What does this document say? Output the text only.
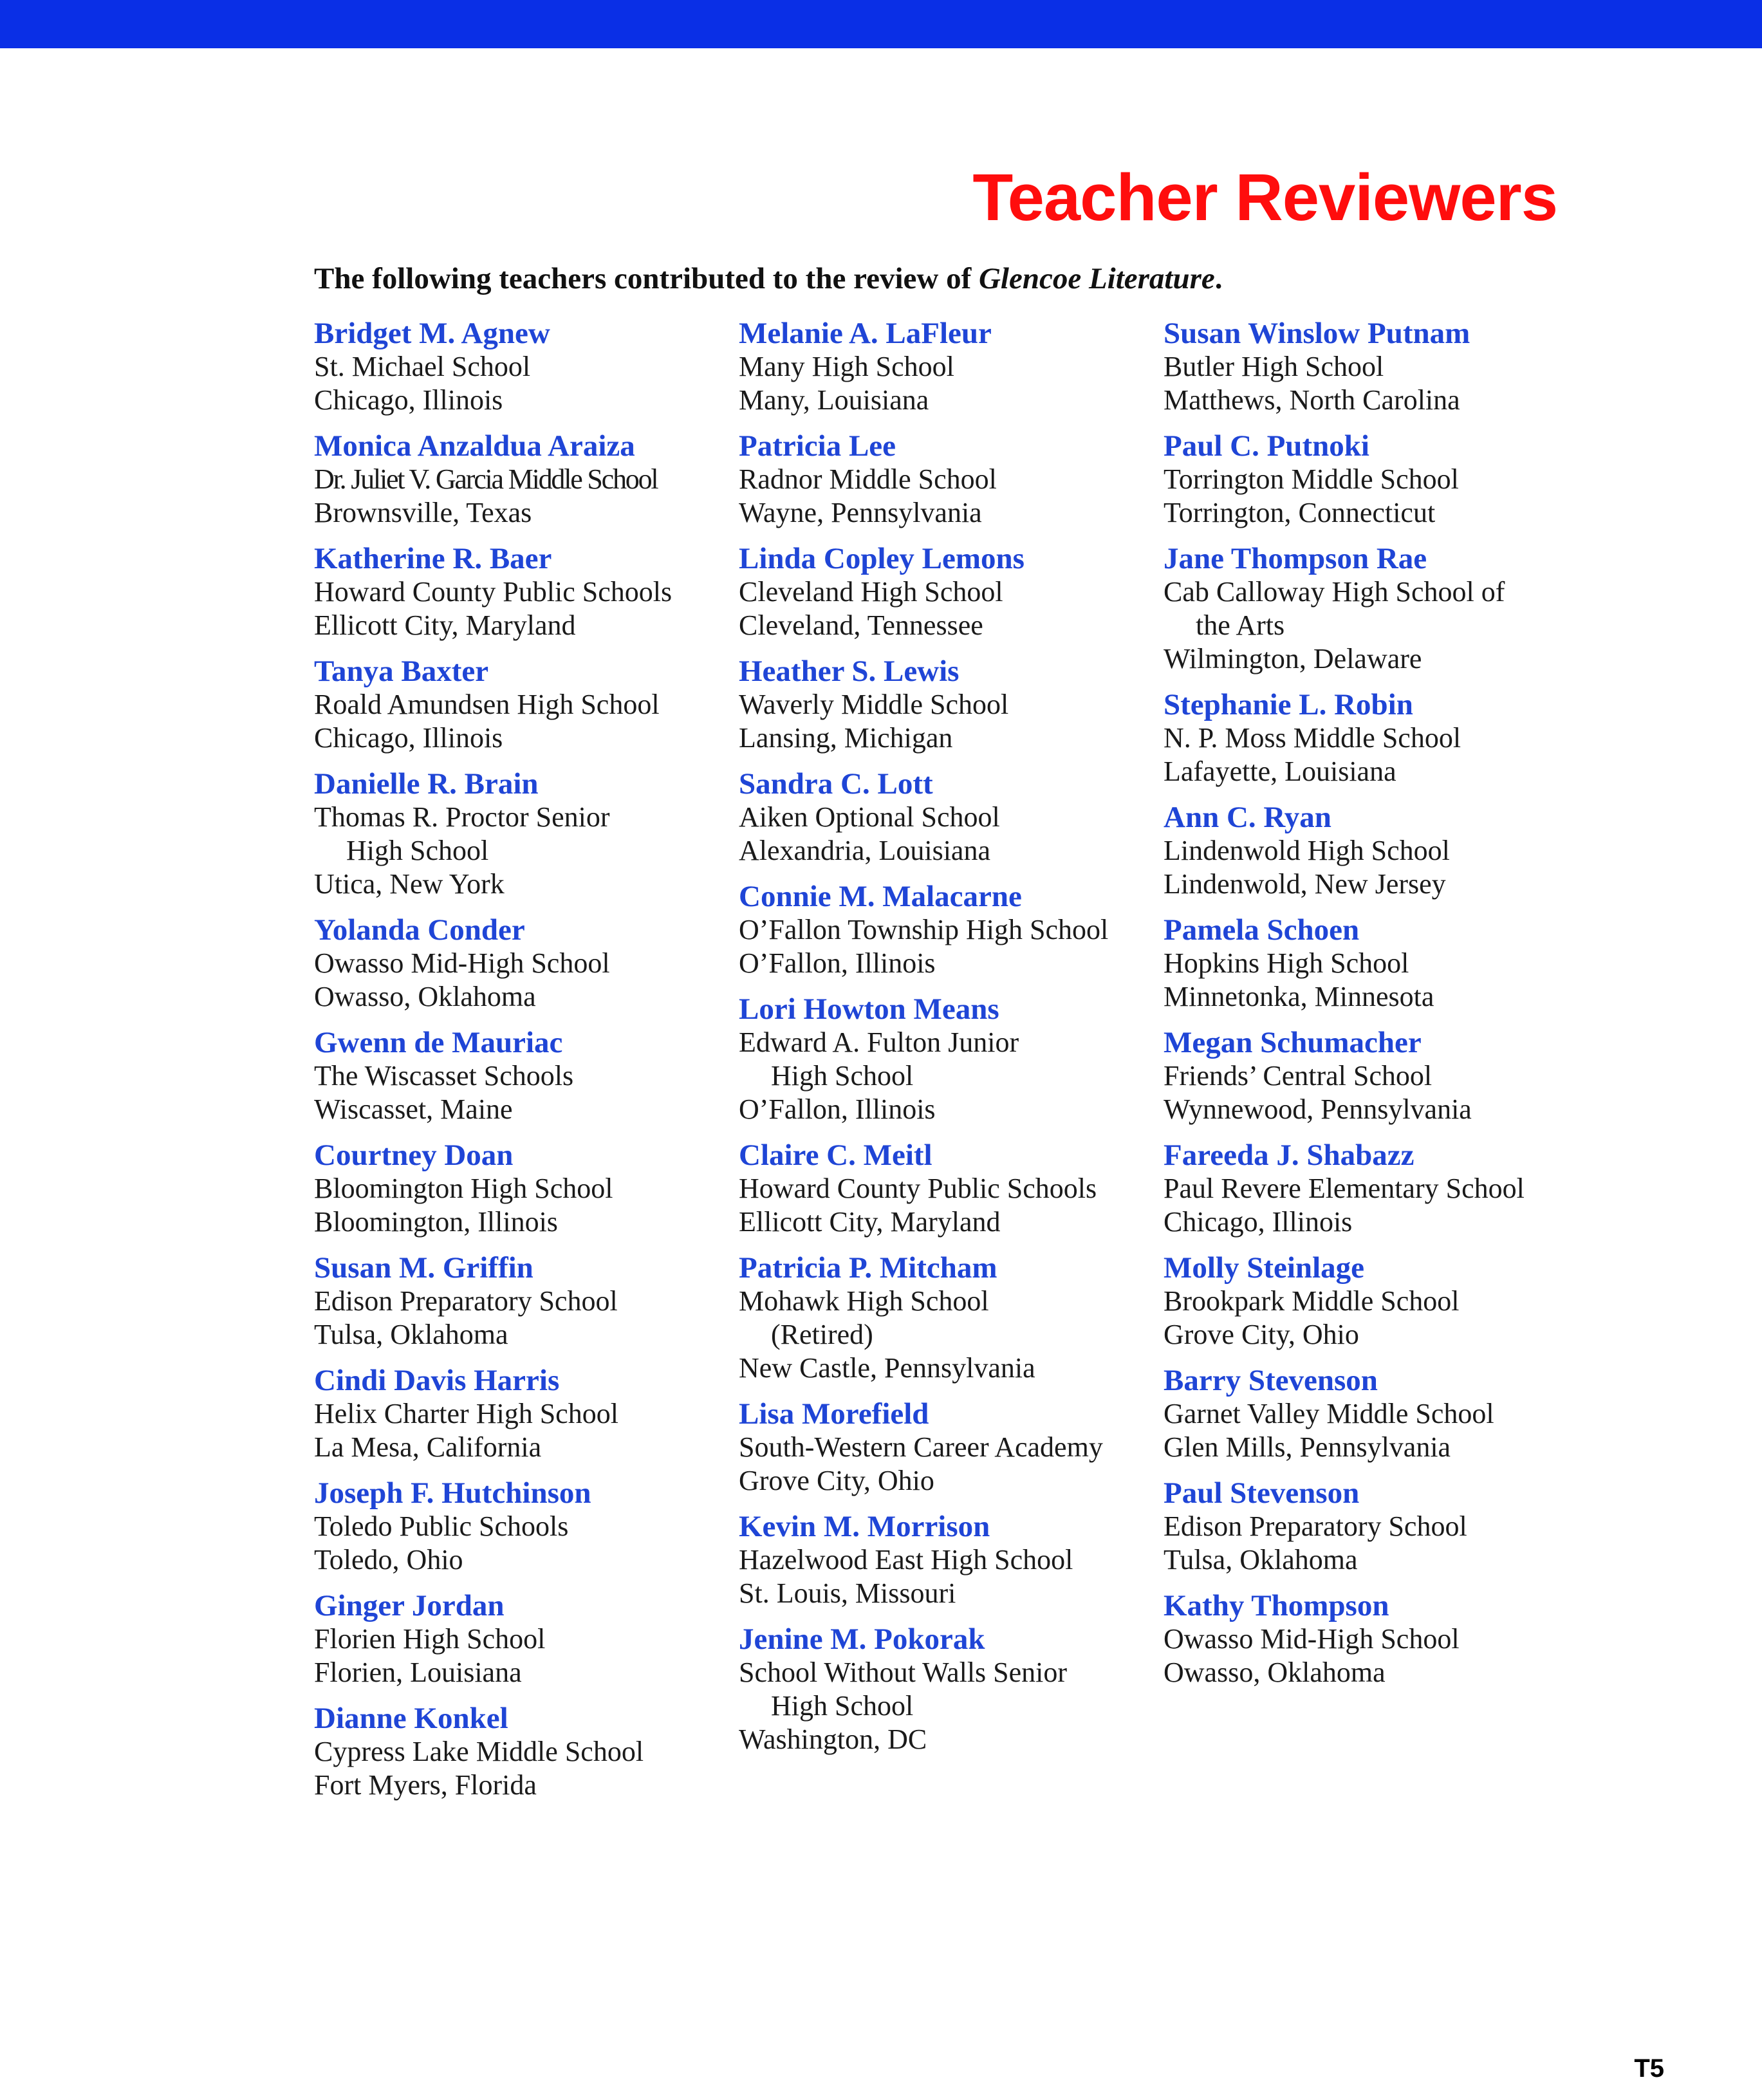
Teacher Reviewers

The following teachers contributed to the review of Glencoe Literature.

Bridget M. Agnew
St. Michael School
Chicago, Illinois
Monica Anzaldua Araiza
Dr. Juliet V. Garcia Middle School
Brownsville, Texas
Katherine R. Baer
Howard County Public Schools
Ellicott City, Maryland
Tanya Baxter
Roald Amundsen High School
Chicago, Illinois
Danielle R. Brain
Thomas R. Proctor Senior
High School
Utica, New York
Yolanda Conder
Owasso Mid-High School
Owasso, Oklahoma
Gwenn de Mauriac
The Wiscasset Schools
Wiscasset, Maine
Courtney Doan
Bloomington High School
Bloomington, Illinois
Susan M. Griffin
Edison Preparatory School
Tulsa, Oklahoma
Cindi Davis Harris
Helix Charter High School
La Mesa, California
Joseph F. Hutchinson
Toledo Public Schools
Toledo, Ohio
Ginger Jordan
Florien High School
Florien, Louisiana
Dianne Konkel
Cypress Lake Middle School
Fort Myers, Florida
Melanie A. LaFleur
Many High School
Many, Louisiana
Patricia Lee
Radnor Middle School
Wayne, Pennsylvania
Linda Copley Lemons
Cleveland High School
Cleveland, Tennessee
Heather S. Lewis
Waverly Middle School
Lansing, Michigan
Sandra C. Lott
Aiken Optional School
Alexandria, Louisiana
Connie M. Malacarne
O’Fallon Township High School
O’Fallon, Illinois
Lori Howton Means
Edward A. Fulton Junior
High School
O’Fallon, Illinois
Claire C. Meitl
Howard County Public Schools
Ellicott City, Maryland
Patricia P. Mitcham
Mohawk High School
(Retired)
New Castle, Pennsylvania
Lisa Morefield
South-Western Career Academy
Grove City, Ohio
Kevin M. Morrison
Hazelwood East High School
St. Louis, Missouri
Jenine M. Pokorak
School Without Walls Senior
High School
Washington, DC
Susan Winslow Putnam
Butler High School
Matthews, North Carolina
Paul C. Putnoki
Torrington Middle School
Torrington, Connecticut
Jane Thompson Rae
Cab Calloway High School of
the Arts
Wilmington, Delaware
Stephanie L. Robin
N. P. Moss Middle School
Lafayette, Louisiana
Ann C. Ryan
Lindenwold High School
Lindenwold, New Jersey
Pamela Schoen
Hopkins High School
Minnetonka, Minnesota
Megan Schumacher
Friends’ Central School
Wynnewood, Pennsylvania
Fareeda J. Shabazz
Paul Revere Elementary School
Chicago, Illinois
Molly Steinlage
Brookpark Middle School
Grove City, Ohio
Barry Stevenson
Garnet Valley Middle School
Glen Mills, Pennsylvania
Paul Stevenson
Edison Preparatory School
Tulsa, Oklahoma
Kathy Thompson
Owasso Mid-High School
Owasso, Oklahoma
T5
